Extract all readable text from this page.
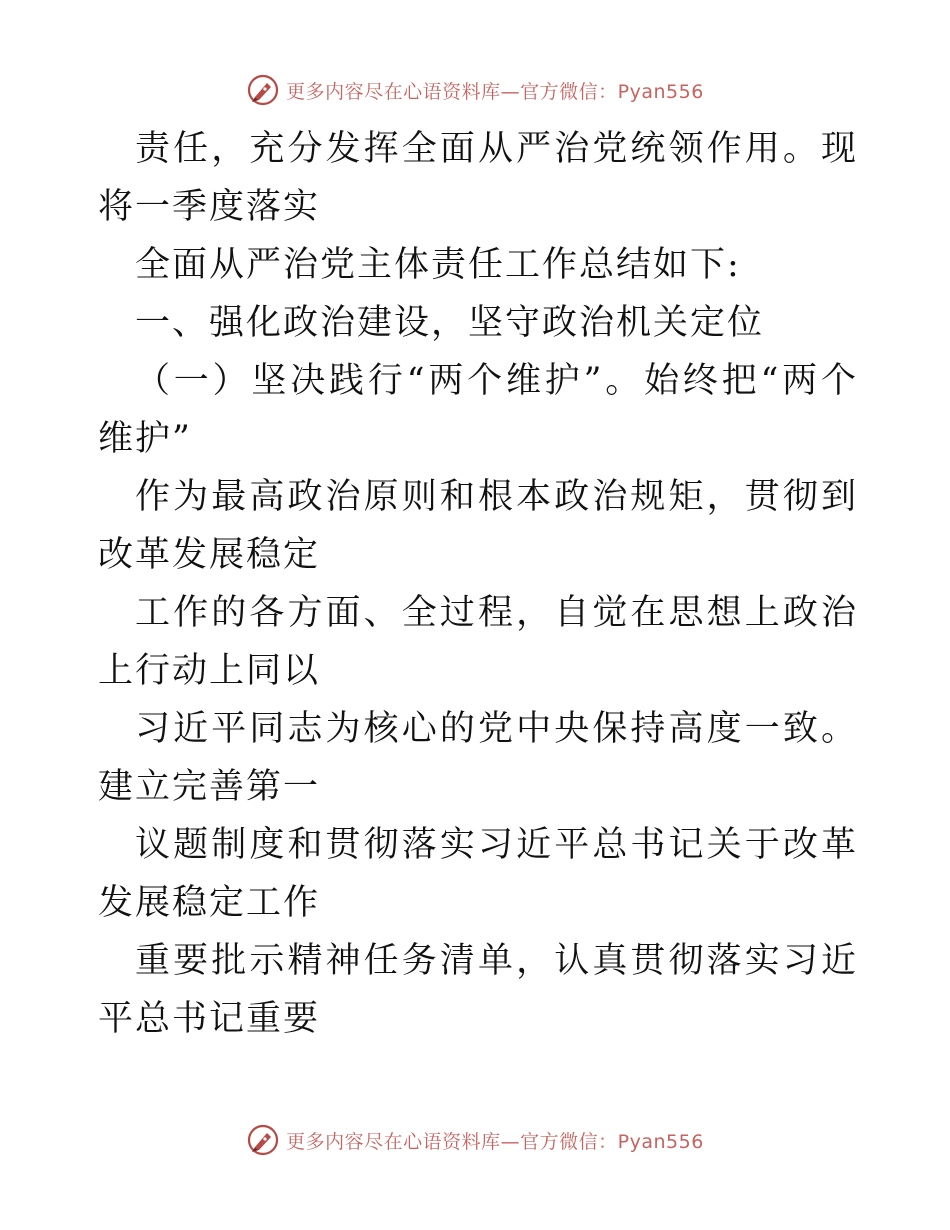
更多内容尽在心语资料库—官方微信：Pyan556

责任，充分发挥全面从严治党统领作用。现将一季度落实

全面从严治党主体责任工作总结如下:

一、强化政治建设，坚守政治机关定位

（一）坚决践行“两个维护”。始终把“两个维护”

作为最高政治原则和根本政治规矩，贯彻到改革发展稳定

工作的各方面、全过程，自觉在思想上政治上行动上同以

习近平同志为核心的党中央保持高度一致。建立完善第一

议题制度和贯彻落实习近平总书记关于改革发展稳定工作

重要批示精神任务清单，认真贯彻落实习近平总书记重要

更多内容尽在心语资料库—官方微信：Pyan556
